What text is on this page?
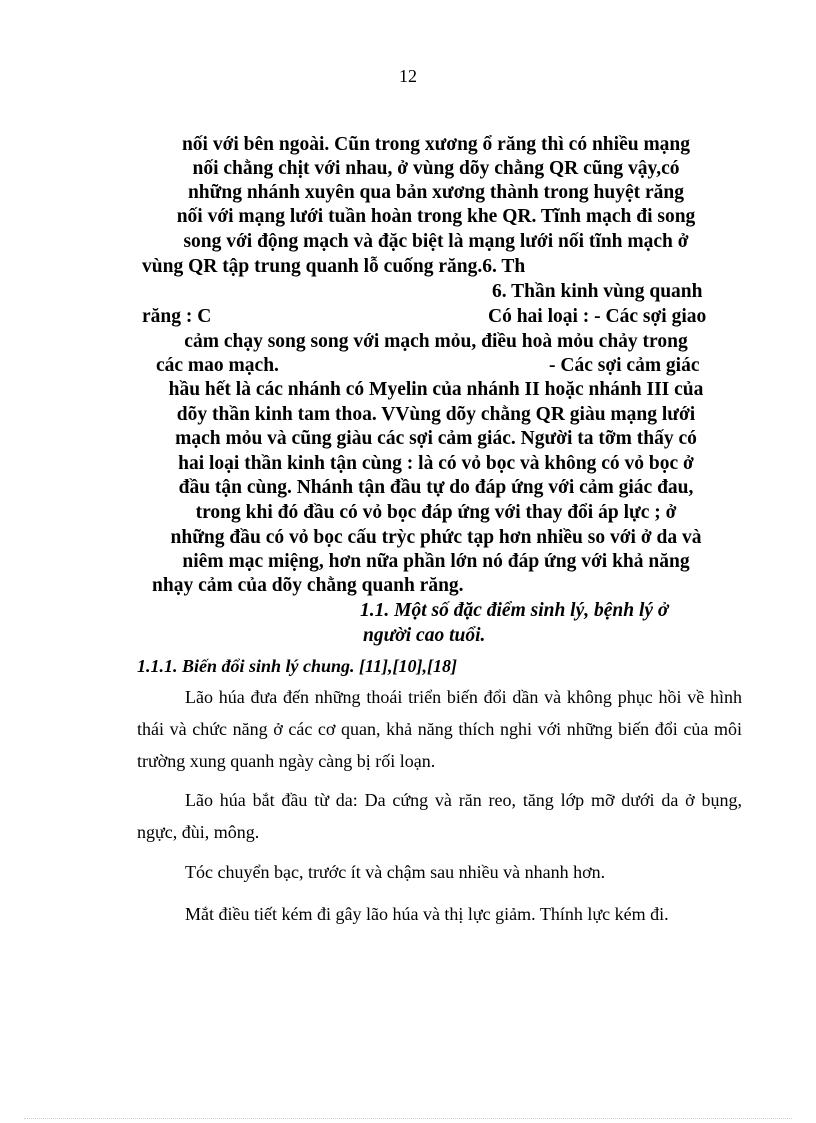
12
nối với bên ngoài. Cũn trong xương ổ răng thì có nhiều mạng
nối chằng chịt với nhau, ở vùng dõy chằng QR cũng vậy,có
những nhánh xuyên qua bản xương thành trong huyệt răng
nối với mạng lưới tuần hoàn trong khe QR. Tĩnh mạch đi song
song với động mạch và đặc biệt là mạng lưới nối tĩnh mạch ở
vùng QR tập trung quanh lỗ cuống răng.6. Th
6. Thần kinh vùng quanh
răng : C	Có hai loại : - Các sợi giao
cảm chạy song song với mạch mỏu, điều hoà mỏu chảy trong
các mao mạch.	- Các sợi cảm giác
hầu hết là các nhánh có Myelin của nhánh II hoặc nhánh III của
dõy thần kinh tam thoa. VVùng dõy chằng QR giàu mạng lưới
mạch mỏu và cũng giàu các sợi cảm giác. Người ta tỡm thấy có
hai loại thần kinh tận cùng : là có vỏ bọc và không có vỏ bọc ở
đầu tận cùng. Nhánh tận đầu tự do đáp ứng với cảm giác đau,
trong khi đó đầu có vỏ bọc đáp ứng với thay đổi áp lực ; ở
những đầu có vỏ bọc cấu trỳc phức tạp hơn nhiều so với ở da và
niêm mạc miệng, hơn nữa phần lớn nó đáp ứng với khả năng
nhạy cảm của dõy chằng quanh răng.
1.1. Một số đặc điểm sinh lý, bệnh lý ở
người cao tuổi.
1.1.1. Biến đổi sinh lý chung. [11],[10],[18]

Lão húa đưa đến những thoái triển biến đổi dần và không phục hồi về hình thái và chức năng ở các cơ quan, khả năng thích nghi với những biến đổi của môi trường xung quanh ngày càng bị rối loạn.

Lão húa bắt đầu từ da: Da cứng và răn reo, tăng lớp mỡ dưới da ở bụng, ngực, đùi, mông.

Tóc chuyển bạc, trước ít và chậm sau nhiều và nhanh hơn.

Mắt điều tiết kém đi gây lão húa và thị lực giảm. Thính lực kém đi.
